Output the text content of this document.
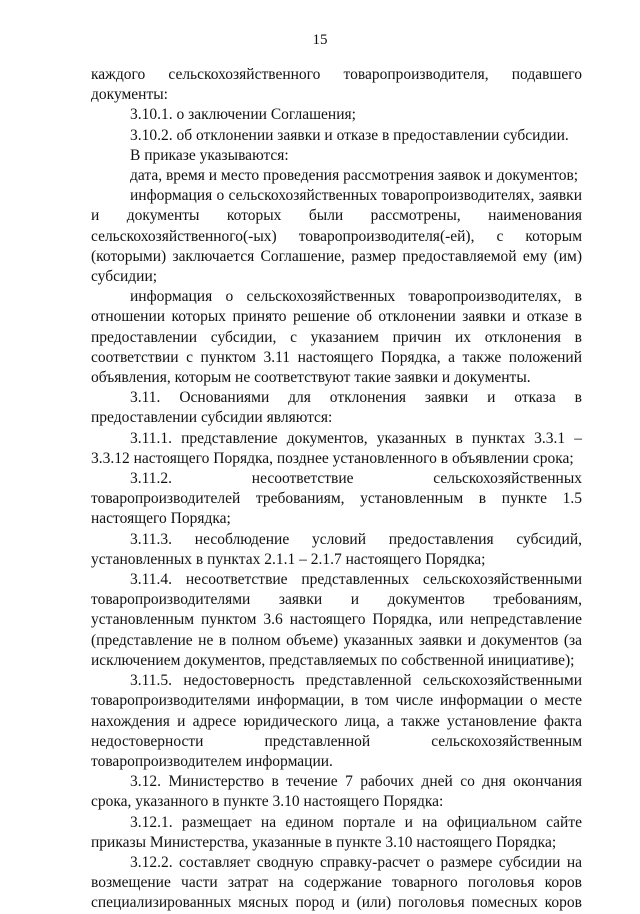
15

каждого сельскохозяйственного товаропроизводителя, подавшего документы:

3.10.1. о заключении Соглашения;

3.10.2. об отклонении заявки и отказе в предоставлении субсидии.

В приказе указываются:

дата, время и место проведения рассмотрения заявок и документов;

информация о сельскохозяйственных товаропроизводителях, заявки и документы которых были рассмотрены, наименования сельскохозяйственного(-ых) товаропроизводителя(-ей), с которым (которыми) заключается Соглашение, размер предоставляемой ему (им) субсидии;

информация о сельскохозяйственных товаропроизводителях, в отношении которых принято решение об отклонении заявки и отказе в предоставлении субсидии, с указанием причин их отклонения в соответствии с пунктом 3.11 настоящего Порядка, а также положений объявления, которым не соответствуют такие заявки и документы.

3.11. Основаниями для отклонения заявки и отказа в предоставлении субсидии являются:

3.11.1. представление документов, указанных в пунктах 3.3.1 – 3.3.12 настоящего Порядка, позднее установленного в объявлении срока;

3.11.2. несоответствие сельскохозяйственных товаропроизводителей требованиям, установленным в пункте 1.5 настоящего Порядка;

3.11.3. несоблюдение условий предоставления субсидий, установленных в пунктах 2.1.1 – 2.1.7 настоящего Порядка;

3.11.4. несоответствие представленных сельскохозяйственными товаропроизводителями заявки и документов требованиям, установленным пунктом 3.6 настоящего Порядка, или непредставление (представление не в полном объеме) указанных заявки и документов (за исключением документов, представляемых по собственной инициативе);

3.11.5. недостоверность представленной сельскохозяйственными товаропроизводителями информации, в том числе информации о месте нахождения и адресе юридического лица, а также установление факта недостоверности представленной сельскохозяйственным товаропроизводителем информации.

3.12. Министерство в течение 7 рабочих дней со дня окончания срока, указанного в пункте 3.10 настоящего Порядка:

3.12.1. размещает на едином портале и на официальном сайте приказы Министерства, указанные в пункте 3.10 настоящего Порядка;

3.12.2. составляет сводную справку-расчет о размере субсидии на возмещение части затрат на содержание товарного поголовья коров специализированных мясных пород и (или) поголовья помесных коров
